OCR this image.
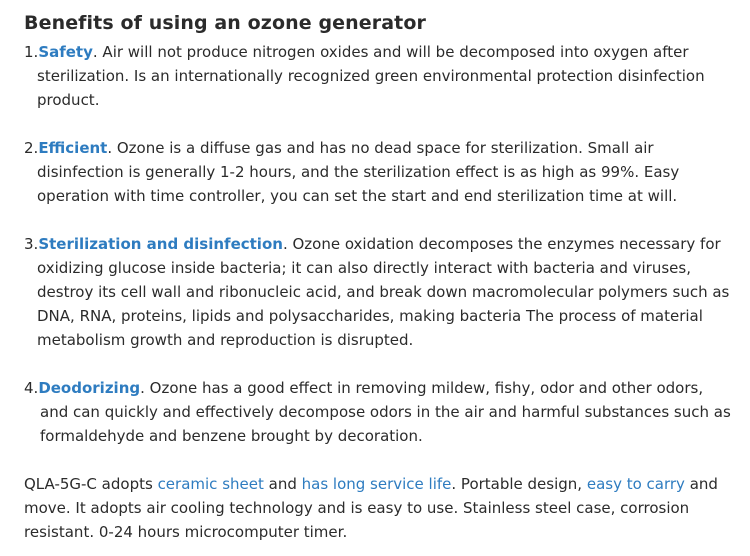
Benefits of using an ozone generator

1.Safety. Air will not produce nitrogen oxides and will be decomposed into oxygen after sterilization. Is an internationally recognized green environmental protection disinfection product.

2.Efficient. Ozone is a diffuse gas and has no dead space for sterilization. Small air disinfection is generally 1-2 hours, and the sterilization effect is as high as 99%. Easy operation with time controller, you can set the start and end sterilization time at will.

3.Sterilization and disinfection. Ozone oxidation decomposes the enzymes necessary for oxidizing glucose inside bacteria; it can also directly interact with bacteria and viruses, destroy its cell wall and ribonucleic acid, and break down macromolecular polymers such as DNA, RNA, proteins, lipids and polysaccharides, making bacteria The process of material metabolism growth and reproduction is disrupted.

4.Deodorizing. Ozone has a good effect in removing mildew, fishy, odor and other odors, and can quickly and effectively decompose odors in the air and harmful substances such as formaldehyde and benzene brought by decoration.

QLA-5G-C adopts ceramic sheet and has long service life. Portable design, easy to carry and move. It adopts air cooling technology and is easy to use. Stainless steel case, corrosion resistant. 0-24 hours microcomputer timer.
